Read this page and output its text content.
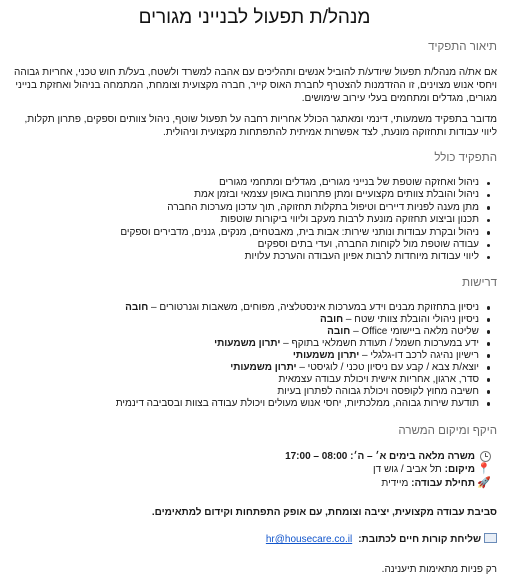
מנהל/ת תפעול לבנייני מגורים
תיאור התפקיד

אם את/ה מנהל/ת תפעול שיודע/ת להוביל אנשים ותהליכים עם אהבה למשרד ולשטח, בעל/ת חוש טכני, אחריות גבוהה ויחסי אנוש מצוינים, זו ההזדמנות להצטרף לחברת האוס קייר, חברה מקצועית וצומחת, המתמחה בניהול ואחזקת בנייני מגורים, מגדלים ומתחמים בעלי עירוב שימושים.

מדובר בתפקיד משמעותי, דינמי ומאתגר הכולל אחריות רחבה על תפעול שוטף, ניהול צוותים וספקים, פתרון תקלות, ליווי עבודות ותחזוקה מונעת, לצד אפשרות אמיתית להתפתחות מקצועית וניהולית.

התפקיד כולל
ניהול ואחזקה שוטפת של בנייני מגורים, מגדלים ומתחמי מגורים
ניהול והובלת צוותים מקצועיים ומתן פתרונות באופן עצמאי ובזמן אמת
מתן מענה לפניות דיירים וטיפול בתקלות תחזוקה, תוך עדכון מערכות החברה
תכנון וביצוע תחזוקה מונעת לרבות מעקב וליווי ביקורות שוטפות
ניהול ובקרת עבודות ונותני שירות: אבות בית, מאבטחים, מנקים, גננים, מדבירים וספקים
עבודה שוטפת מול לקוחות החברה, ועדי בתים וספקים
ליווי עבודות מיוחדות לרבות אפיון העבודה והערכת עלויות
דרישות
ניסיון בתחזוקת מבנים וידע במערכות אינסטלציה, מפוחים, משאבות וגנרטורים – חובה
ניסיון ניהולי והובלת צוותי שטח – חובה
שליטה מלאה ביישומי Office – חובה
ידע במערכות חשמל / תעודת חשמלאי בתוקף – יתרון משמעותי
רישיון נהיגה לרכב דו-גלגלי – יתרון משמעותי
יוצא/ת צבא / קבע עם ניסיון טכני / לוגיסטי – יתרון משמעותי
סדר, ארגון, אחריות אישית ויכולת עבודה עצמאית
חשיבה מחוץ לקופסה ויכולת גבוהה לפתרון בעיות
תודעת שירות גבוהה, ממלכתיות, יחסי אנוש מעולים ויכולת עבודה בצוות ובסביבה דינמית
היקף ומיקום המשרה
משרה מלאה בימים א׳ – ה׳: 17:00 – 08:00
📍
מיקום: תל אביב / גוש דן
🚀
תחילת עבודה: מיידית

סביבת עבודה מקצועית, יציבה וצומחת, עם אופק התפתחות וקידום למתאימים.

שליחת קורות חיים לכתובת:hr@housecare.co.il

רק פניות מתאימות תיענינה.
